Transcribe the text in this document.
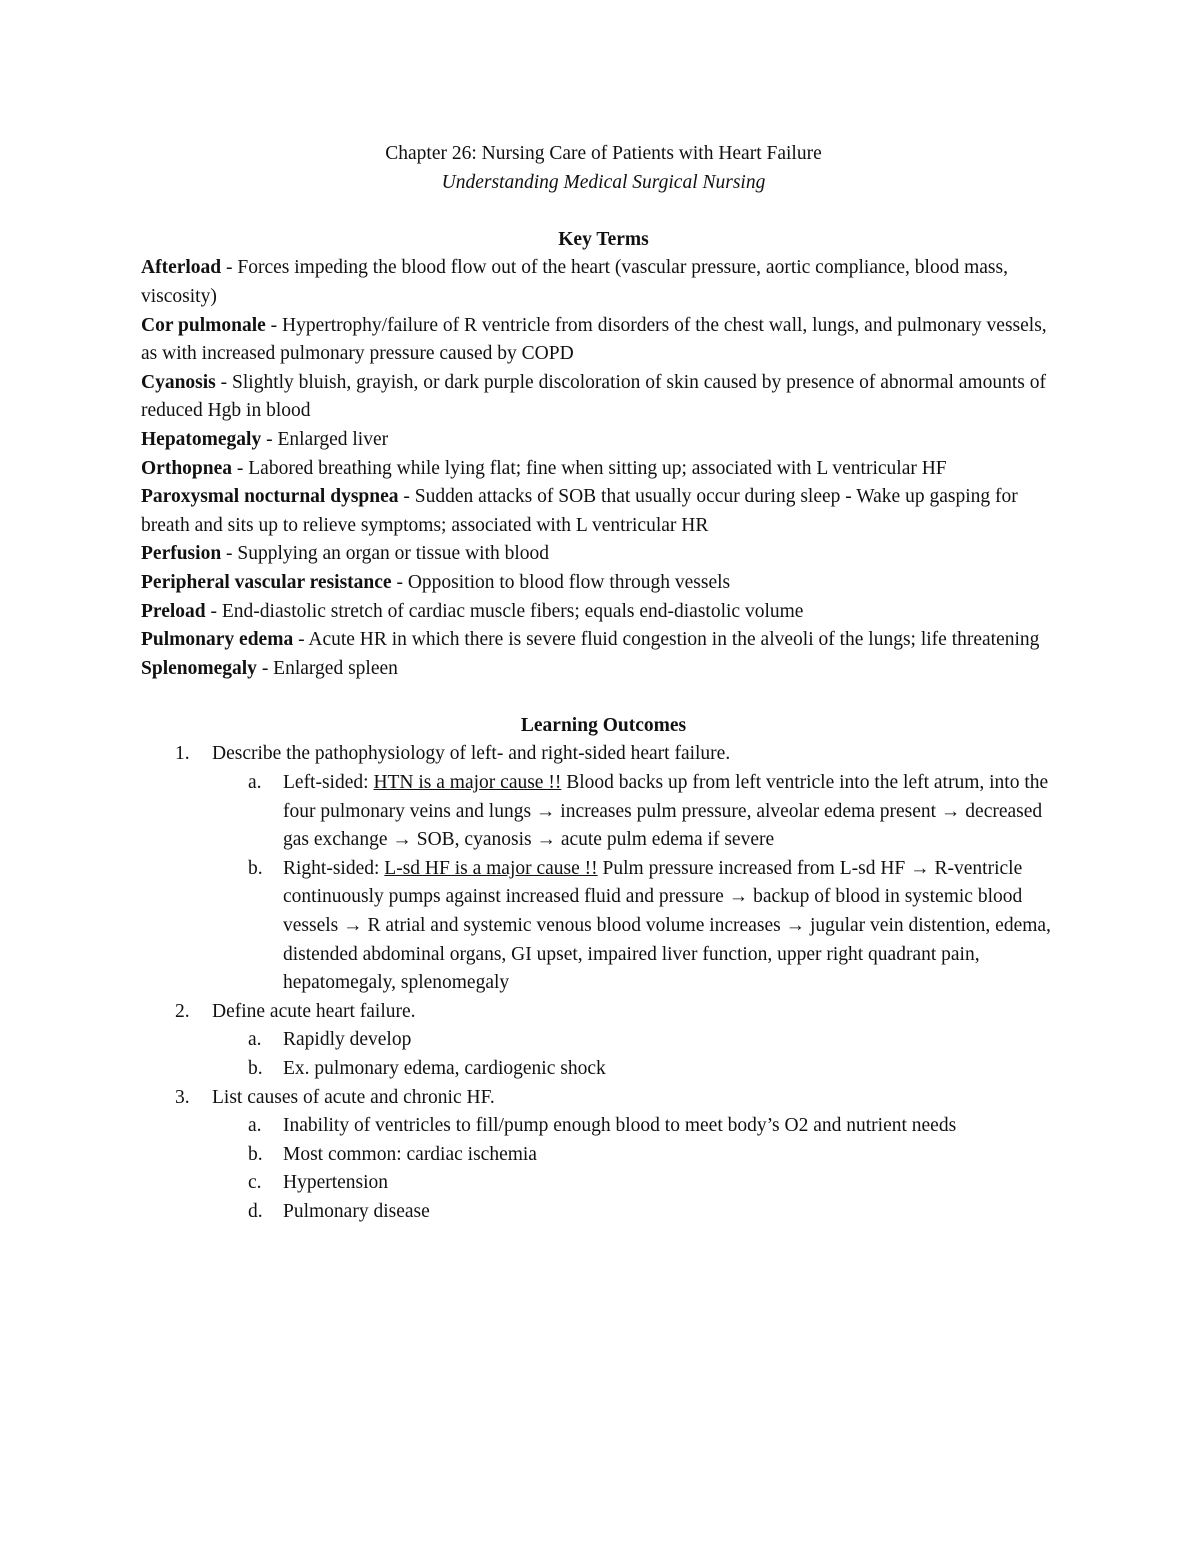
Chapter 26: Nursing Care of Patients with Heart Failure
Understanding Medical Surgical Nursing
Key Terms

Afterload - Forces impeding the blood flow out of the heart (vascular pressure, aortic compliance, blood mass, viscosity)

Cor pulmonale - Hypertrophy/failure of R ventricle from disorders of the chest wall, lungs, and pulmonary vessels, as with increased pulmonary pressure caused by COPD

Cyanosis - Slightly bluish, grayish, or dark purple discoloration of skin caused by presence of abnormal amounts of reduced Hgb in blood

Hepatomegaly - Enlarged liver

Orthopnea - Labored breathing while lying flat; fine when sitting up; associated with L ventricular HF

Paroxysmal nocturnal dyspnea - Sudden attacks of SOB that usually occur during sleep - Wake up gasping for breath and sits up to relieve symptoms; associated with L ventricular HR

Perfusion - Supplying an organ or tissue with blood

Peripheral vascular resistance - Opposition to blood flow through vessels

Preload - End-diastolic stretch of cardiac muscle fibers; equals end-diastolic volume

Pulmonary edema - Acute HR in which there is severe fluid congestion in the alveoli of the lungs; life threatening

Splenomegaly - Enlarged spleen

Learning Outcomes
1. Describe the pathophysiology of left- and right-sided heart failure.
a. Left-sided: HTN is a major cause !! Blood backs up from left ventricle into the left atrum, into the four pulmonary veins and lungs → increases pulm pressure, alveolar edema present → decreased gas exchange → SOB, cyanosis → acute pulm edema if severe
b. Right-sided: L-sd HF is a major cause !! Pulm pressure increased from L-sd HF → R-ventricle continuously pumps against increased fluid and pressure → backup of blood in systemic blood vessels → R atrial and systemic venous blood volume increases → jugular vein distention, edema, distended abdominal organs, GI upset, impaired liver function, upper right quadrant pain, hepatomegaly, splenomegaly
2. Define acute heart failure.
a. Rapidly develop
b. Ex. pulmonary edema, cardiogenic shock
3. List causes of acute and chronic HF.
a. Inability of ventricles to fill/pump enough blood to meet body’s O2 and nutrient needs
b. Most common: cardiac ischemia
c. Hypertension
d. Pulmonary disease
